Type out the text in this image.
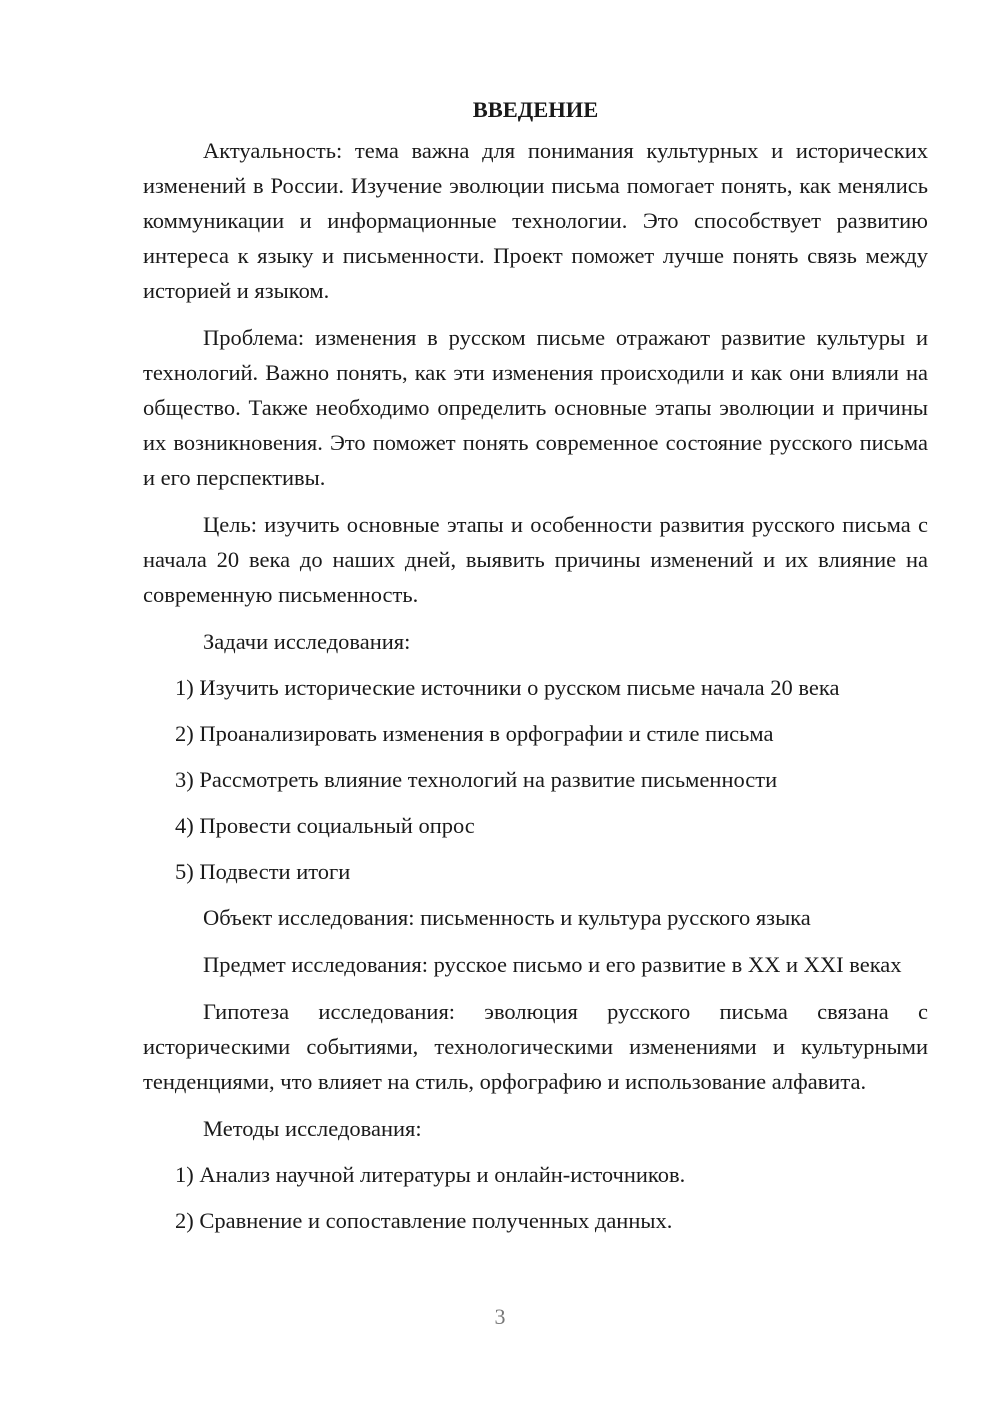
ВВЕДЕНИЕ

Актуальность: тема важна для понимания культурных и исторических изменений в России. Изучение эволюции письма помогает понять, как менялись коммуникации и информационные технологии. Это способствует развитию интереса к языку и письменности. Проект поможет лучше понять связь между историей и языком.

Проблема: изменения в русском письме отражают развитие культуры и технологий. Важно понять, как эти изменения происходили и как они влияли на общество. Также необходимо определить основные этапы эволюции и причины их возникновения. Это поможет понять современное состояние русского письма и его перспективы.

Цель: изучить основные этапы и особенности развития русского письма с начала 20 века до наших дней, выявить причины изменений и их влияние на современную письменность.

Задачи исследования:
1) Изучить исторические источники о русском письме начала 20 века
2) Проанализировать изменения в орфографии и стиле письма
3) Рассмотреть влияние технологий на развитие письменности
4) Провести социальный опрос
5) Подвести итоги

Объект исследования: письменность и культура русского языка

Предмет исследования: русское письмо и его развитие в XX и XXI веках

Гипотеза исследования: эволюция русского письма связана с историческими событиями, технологическими изменениями и культурными тенденциями, что влияет на стиль, орфографию и использование алфавита.

Методы исследования:
1) Анализ научной литературы и онлайн-источников.
2) Сравнение и сопоставление полученных данных.
3
